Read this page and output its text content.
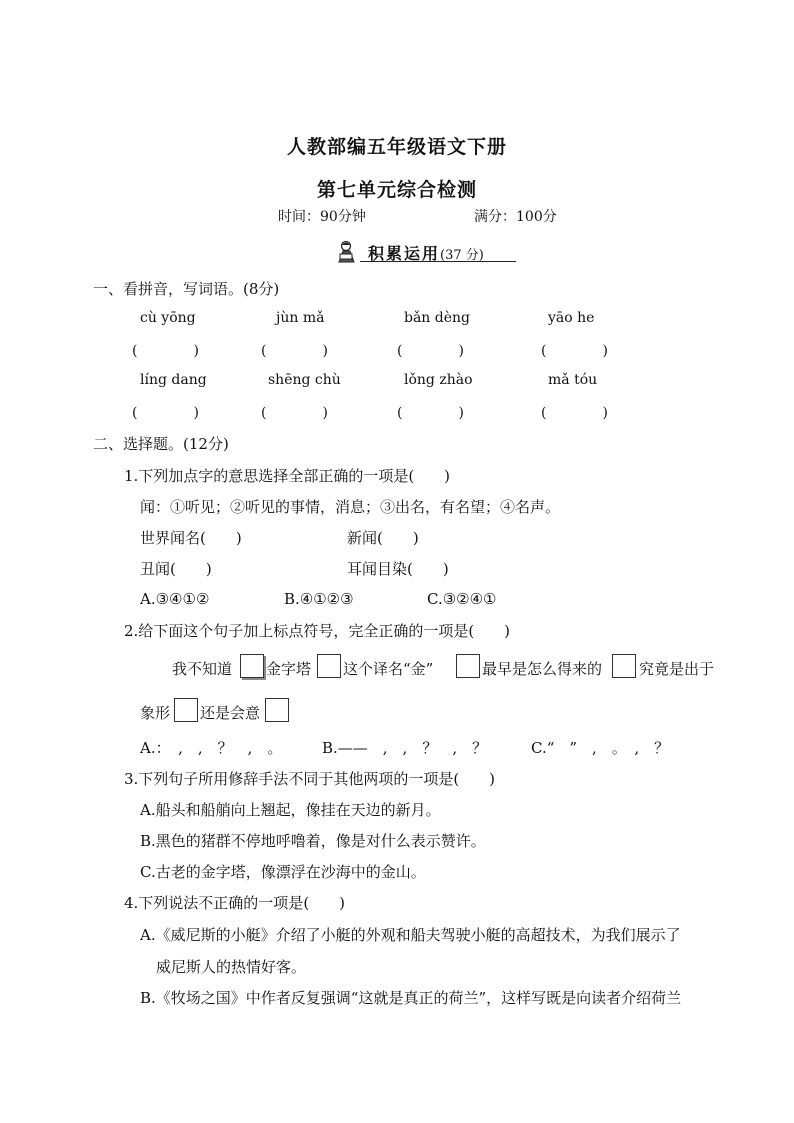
人教部编五年级语文下册
第七单元综合检测
时间：90分钟	满分：100分
积累运用(37 分)
一、看拼音，写词语。(8分)
cù yōng	jùn mǎ	bǎn dèng	yāo he
(　　　　)	(　　　　)	(　　　　)	(　　　　)
líng dang	shēng chù	lǒng zhào	mǎ tóu
(　　　　)	(　　　　)	(　　　　)	(　　　　)
二、选择题。(12分)
1.下列加点字的意思选择全部正确的一项是(　　)
闻：①听见；②听见的事情，消息；③出名，有名望；④名声。
世界闻名(　　)	新闻(　　)
丑闻(　　)	耳闻目染(　　)
A.③④①②	B.④①②③	C.③②④①
2.给下面这个句子加上标点符号，完全正确的一项是(　　)
我不知道 金字塔 这个译名“金”	最早是怎么得来的 究竟是出于
象形 还是会意
A.：　,　,　？　,　。	B.——　,　,　？　,　？	C.“　”　,　。　,　？
3.下列句子所用修辞手法不同于其他两项的一项是(　　)
A.船头和船艄向上翘起，像挂在天边的新月。
B.黑色的猪群不停地呼噜着，像是对什么表示赞许。
C.古老的金字塔，像漂浮在沙海中的金山。
4.下列说法不正确的一项是(　　)
A.《威尼斯的小艇》介绍了小艇的外观和船夫驾驶小艇的高超技术，为我们展示了
威尼斯人的热情好客。
B.《牧场之国》中作者反复强调“这就是真正的荷兰”，这样写既是向读者介绍荷兰
